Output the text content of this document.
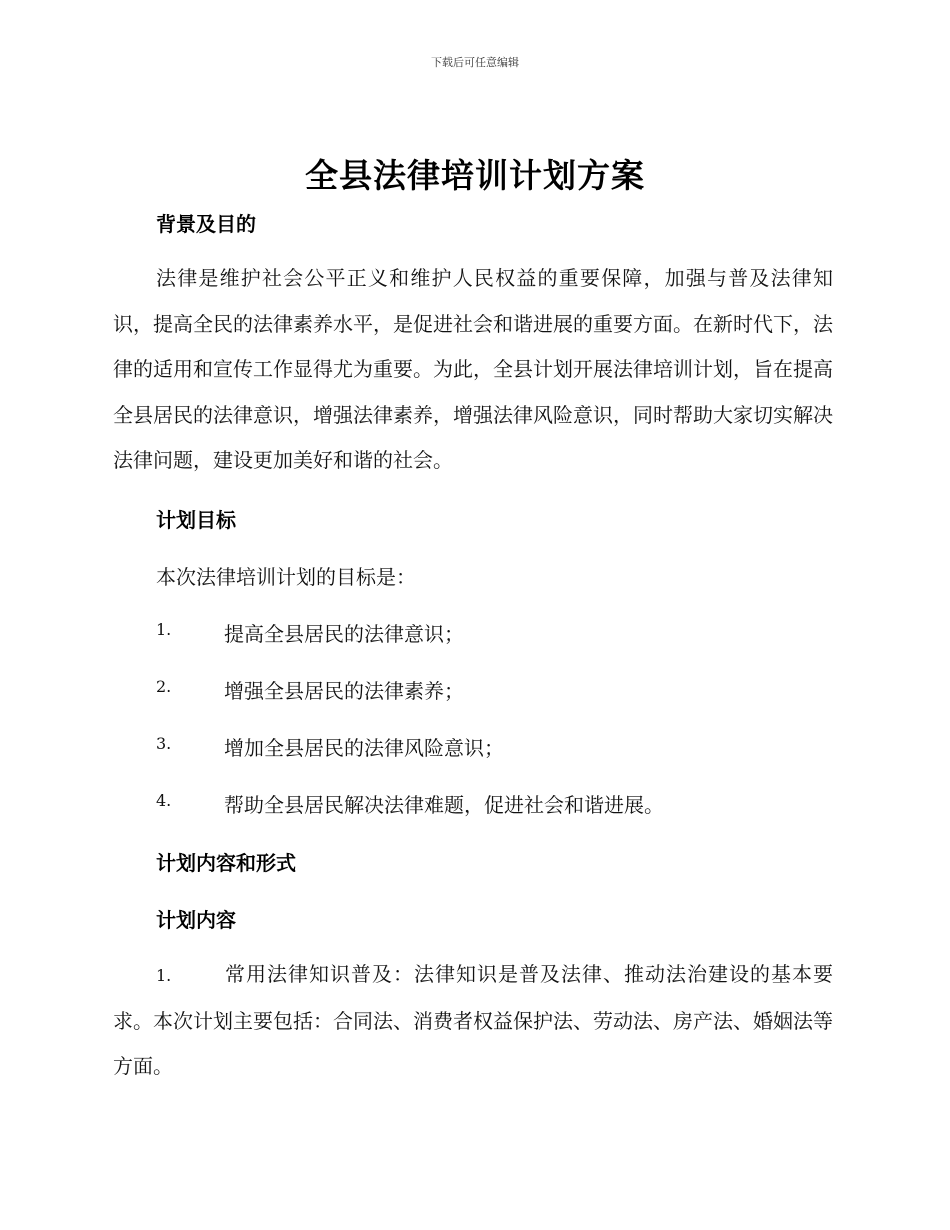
下载后可任意编辑
全县法律培训计划方案
背景及目的

法律是维护社会公平正义和维护人民权益的重要保障，加强与普及法律知识，提高全民的法律素养水平，是促进社会和谐进展的重要方面。在新时代下，法律的适用和宣传工作显得尤为重要。为此，全县计划开展法律培训计划，旨在提高全县居民的法律意识，增强法律素养，增强法律风险意识，同时帮助大家切实解决法律问题，建设更加美好和谐的社会。

计划目标
本次法律培训计划的目标是：
1.	提高全县居民的法律意识；
2.	增强全县居民的法律素养；
3.	增加全县居民的法律风险意识；
4.	帮助全县居民解决法律难题，促进社会和谐进展。
计划内容和形式
计划内容

1.	常用法律知识普及：法律知识是普及法律、推动法治建设的基本要求。本次计划主要包括：合同法、消费者权益保护法、劳动法、房产法、婚姻法等方面。
